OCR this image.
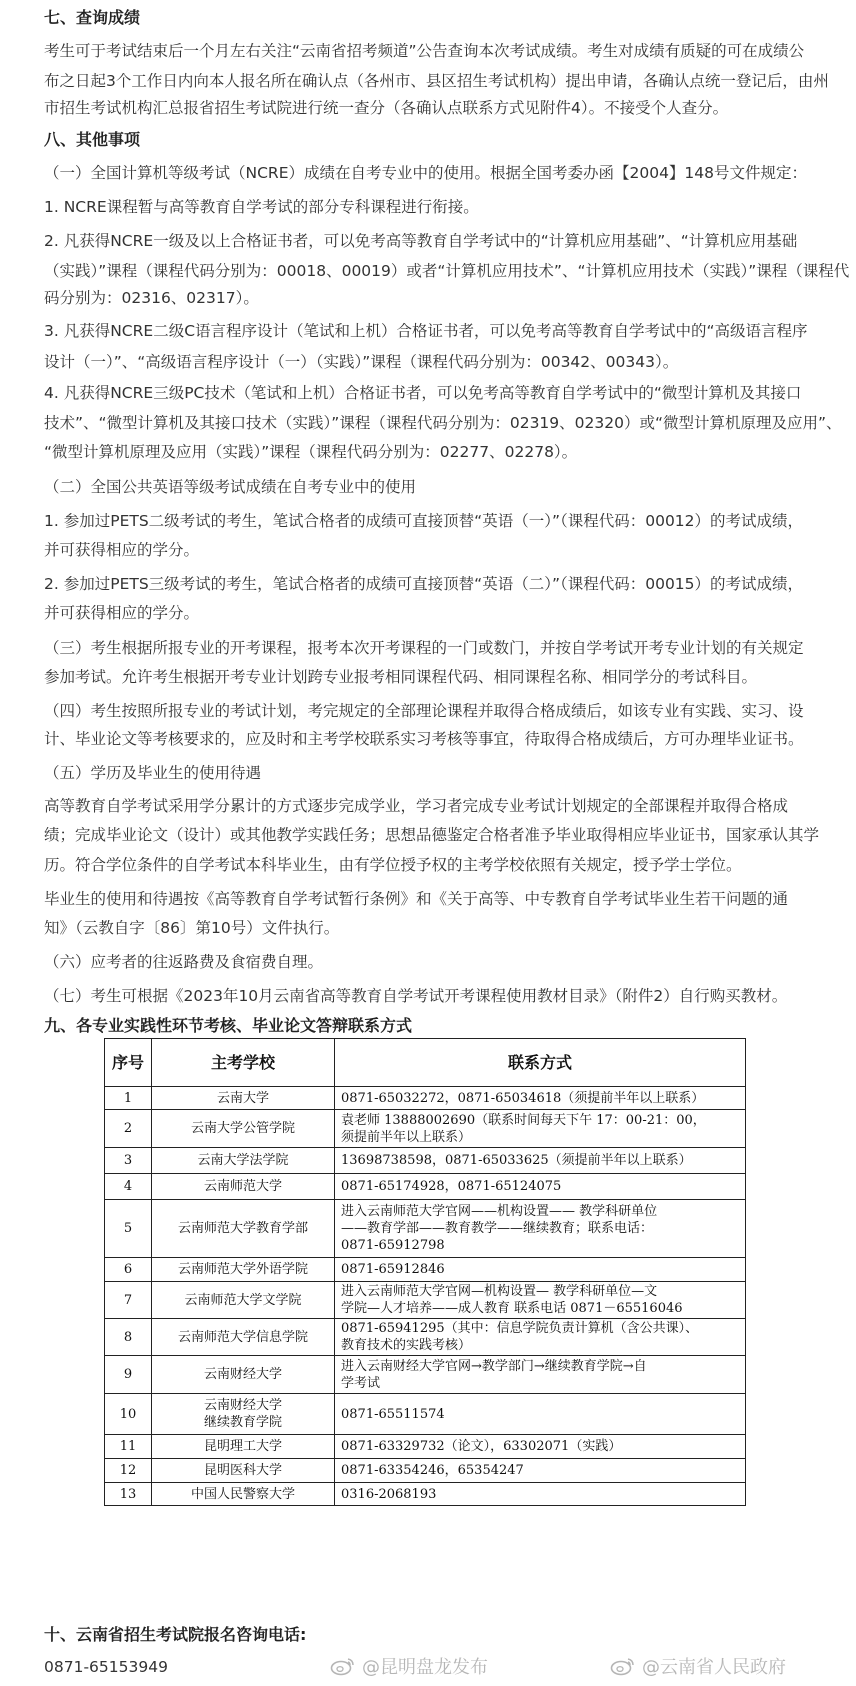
七、查询成绩
考生可于考试结束后一个月左右关注“云南省招考频道”公告查询本次考试成绩。考生对成绩有质疑的可在成绩公
布之日起3个工作日内向本人报名所在确认点（各州市、县区招生考试机构）提出申请，各确认点统一登记后，由州
市招生考试机构汇总报省招生考试院进行统一查分（各确认点联系方式见附件4）。不接受个人查分。
八、其他事项
（一）全国计算机等级考试（NCRE）成绩在自考专业中的使用。根据全国考委办函【2004】148号文件规定：
1. NCRE课程暂与高等教育自学考试的部分专科课程进行衔接。
2. 凡获得NCRE一级及以上合格证书者，可以免考高等教育自学考试中的“计算机应用基础”、“计算机应用基础
（实践）”课程（课程代码分别为：00018、00019）或者“计算机应用技术”、“计算机应用技术（实践）”课程（课程代
码分别为：02316、02317）。
3. 凡获得NCRE二级C语言程序设计（笔试和上机）合格证书者，可以免考高等教育自学考试中的“高级语言程序
设计（一）”、“高级语言程序设计（一）（实践）”课程（课程代码分别为：00342、00343）。
4. 凡获得NCRE三级PC技术（笔试和上机）合格证书者，可以免考高等教育自学考试中的“微型计算机及其接口
技术”、“微型计算机及其接口技术（实践）”课程（课程代码分别为：02319、02320）或“微型计算机原理及应用”、
“微型计算机原理及应用（实践）”课程（课程代码分别为：02277、02278）。
（二）全国公共英语等级考试成绩在自考专业中的使用
1. 参加过PETS二级考试的考生，笔试合格者的成绩可直接顶替“英语（一）”（课程代码：00012）的考试成绩，
并可获得相应的学分。
2. 参加过PETS三级考试的考生，笔试合格者的成绩可直接顶替“英语（二）”（课程代码：00015）的考试成绩，
并可获得相应的学分。
（三）考生根据所报专业的开考课程，报考本次开考课程的一门或数门，并按自学考试开考专业计划的有关规定
参加考试。允许考生根据开考专业计划跨专业报考相同课程代码、相同课程名称、相同学分的考试科目。
（四）考生按照所报专业的考试计划，考完规定的全部理论课程并取得合格成绩后，如该专业有实践、实习、设
计、毕业论文等考核要求的，应及时和主考学校联系实习考核等事宜，待取得合格成绩后，方可办理毕业证书。
（五）学历及毕业生的使用待遇
高等教育自学考试采用学分累计的方式逐步完成学业，学习者完成专业考试计划规定的全部课程并取得合格成
绩；完成毕业论文（设计）或其他教学实践任务；思想品德鉴定合格者准予毕业取得相应毕业证书，国家承认其学
历。符合学位条件的自学考试本科毕业生，由有学位授予权的主考学校依照有关规定，授予学士学位。
毕业生的使用和待遇按《高等教育自学考试暂行条例》和《关于高等、中专教育自学考试毕业生若干问题的通
知》（云教自字〔86〕第10号）文件执行。
（六）应考者的往返路费及食宿费自理。
（七）考生可根据《2023年10月云南省高等教育自学考试开考课程使用教材目录》（附件2）自行购买教材。
九、各专业实践性环节考核、毕业论文答辩联系方式
序号	主考学校	联系方式
1	云南大学	0871-65032272，0871-65034618（须提前半年以上联系）
2	云南大学公管学院	袁老师 13888002690（联系时间每天下午 17：00-21：00，
须提前半年以上联系）
3	云南大学法学院	13698738598，0871-65033625（须提前半年以上联系）
4	云南师范大学	0871-65174928，0871-65124075
5	云南师范大学教育学部	进入云南师范大学官网——机构设置—— 教学科研单位
——教育学部——教育教学——继续教育；联系电话：
0871-65912798
6	云南师范大学外语学院	0871-65912846
7	云南师范大学文学院	进入云南师范大学官网—机构设置— 教学科研单位—文
学院—人才培养——成人教育 联系电话 0871－65516046
8	云南师范大学信息学院	0871-65941295（其中：信息学院负责计算机（含公共课）、
教育技术的实践考核）
9	云南财经大学	进入云南财经大学官网→教学部门→继续教育学院→自
学考试
10	云南财经大学
继续教育学院	0871-65511574
11	昆明理工大学	0871-63329732（论文），63302071（实践）
12	昆明医科大学	0871-63354246，65354247
13	中国人民警察大学	0316-2068193
十、云南省招生考试院报名咨询电话:
0871-65153949	@昆明盘龙发布	@云南省人民政府
